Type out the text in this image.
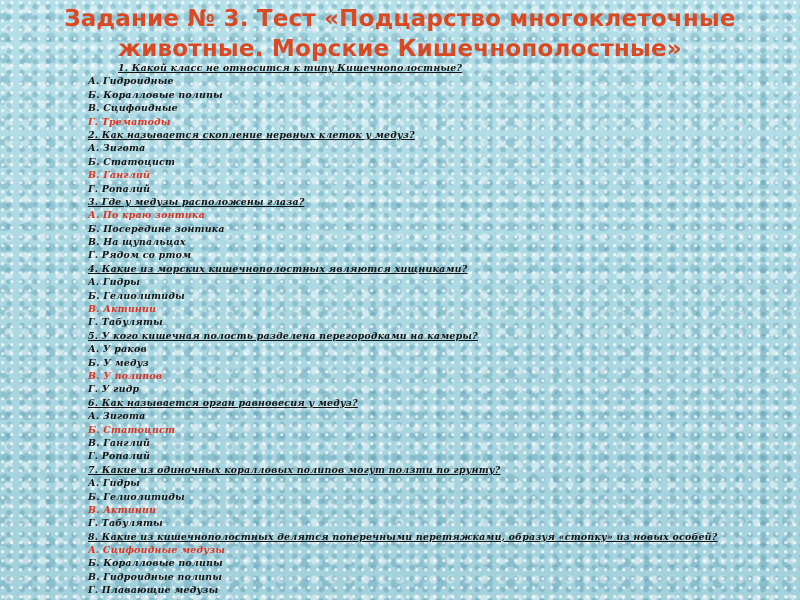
Задание № 3. Тест «Подцарство многоклеточные
животные. Морские Кишечнополостные»
1. Какой класс не относится к типу Кишечнополостные?
А. Гидроидные
Б. Коралловые полипы
В. Сцифоидные
Г. Трематоды
2. Как называется скопление нервных клеток у медуз?
А. Зигота
Б. Статоцист
В. Ганглий
Г. Ропалий
3. Где у медузы расположены глаза?
А. По краю зонтика
Б. Посередине зонтика
В. На щупальцах
Г. Рядом со ртом
4. Какие из морских кишечнополостных являются хищниками?
А. Гидры
Б. Гелиолитиды
В. Актинии
Г. Табуляты
5. У кого кишечная полость разделена перегородками на камеры?
А. У раков
Б. У медуз
В. У полипов
Г. У гидр
6. Как называется орган равновесия у медуз?
А. Зигота
Б. Статоцист
В. Ганглий
Г. Ропалий
7. Какие из одиночных коралловых полипов могут ползти по грунту?
А. Гидры
Б. Гелиолитиды
В. Актинии
Г. Табуляты
8. Какие из кишечнополостных делятся поперечными перетяжками, образуя «стопку» из новых особей?
А. Сцифоидные медузы
Б. Коралловые полипы
В. Гидроидные полипы
Г. Плавающие медузы
